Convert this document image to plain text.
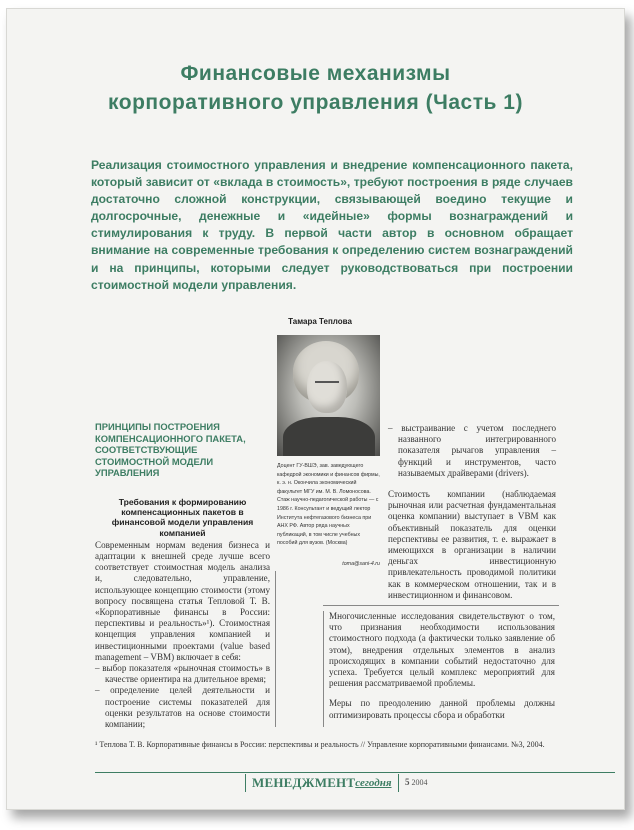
Финансовые механизмы
корпоративного управления (Часть 1)
Реализация стоимостного управления и внедрение компенсационного пакета, который зависит от «вклада в стоимость», требуют построения в ряде случаев достаточно сложной конструкции, связывающей воедино текущие и долгосрочные, денежные и «идейные» формы вознаграждений и стимулирования к труду. В первой части автор в основном обращает внимание на современные требования к определению систем вознаграждений и на принципы, которыми следует руководствоваться при построении стоимостной модели управления.
Тамара Теплова
Доцент ГУ-ВШЭ, зав. заведующего кафедрой экономики и финансов фирмы, к. э. н. Окончила экономический факультет МГУ им. М. В. Ломоносова. Стаж научно-педагогической работы — с 1986 г. Консультант и ведущий лектор Института нефтегазового бизнеса при АНХ РФ. Автор ряда научных публикаций, в том числе учебных пособий для вузов. (Москва)
toma@sani-4.ru
ПРИНЦИПЫ ПОСТРОЕНИЯ КОМПЕНСАЦИОННОГО ПАКЕТА, СООТВЕТСТВУЮЩИЕ СТОИМОСТНОЙ МОДЕЛИ УПРАВЛЕНИЯ
Требования к формированию компенсационных пакетов в финансовой модели управления компанией

Современным нормам ведения бизнеса и адаптации к внешней среде лучше всего соответствует стоимостная модель анализа и, следовательно, управление, использующее концепцию стоимости (этому вопросу посвящена статья Тепловой Т. В. «Корпоративные финансы в России: перспективы и реальность»¹). Стоимостная концепция управления компанией и инвестиционными проектами (value based management – VBM) включает в себя:

– выбор показателя «рыночная стоимость» в качестве ориентира на длительное время;
– определение целей деятельности и построение системы показателей для оценки результатов на основе стоимости компании;
– выстраивание с учетом последнего названного интегрированного показателя рычагов управления – функций и инструментов, часто называемых драйверами (drivers).

Стоимость компании (наблюдаемая рыночная или расчетная фундаментальная оценка компании) выступает в VBM как объективный показатель для оценки перспективы ее развития, т. е. выражает в имеющихся в организации в наличии деньгах инвестиционную привлекательность проводимой политики как в коммерческом отношении, так и в инвестиционном и финансовом.

Многочисленные исследования свидетельствуют о том, что признания необходимости использования стоимостного подхода (а фактически только заявление об этом), внедрения отдельных элементов в анализ происходящих в компании событий недостаточно для успеха. Требуется целый комплекс мероприятий для решения рассматриваемой проблемы.

Меры по преодолению данной проблемы должны оптимизировать процессы сбора и обработки

¹ Теплова Т. В. Корпоративные финансы в России: перспективы и реальность // Управление корпоративными финансами. №3, 2004.
МЕНЕДЖМЕНТ сегодня 5 2004
